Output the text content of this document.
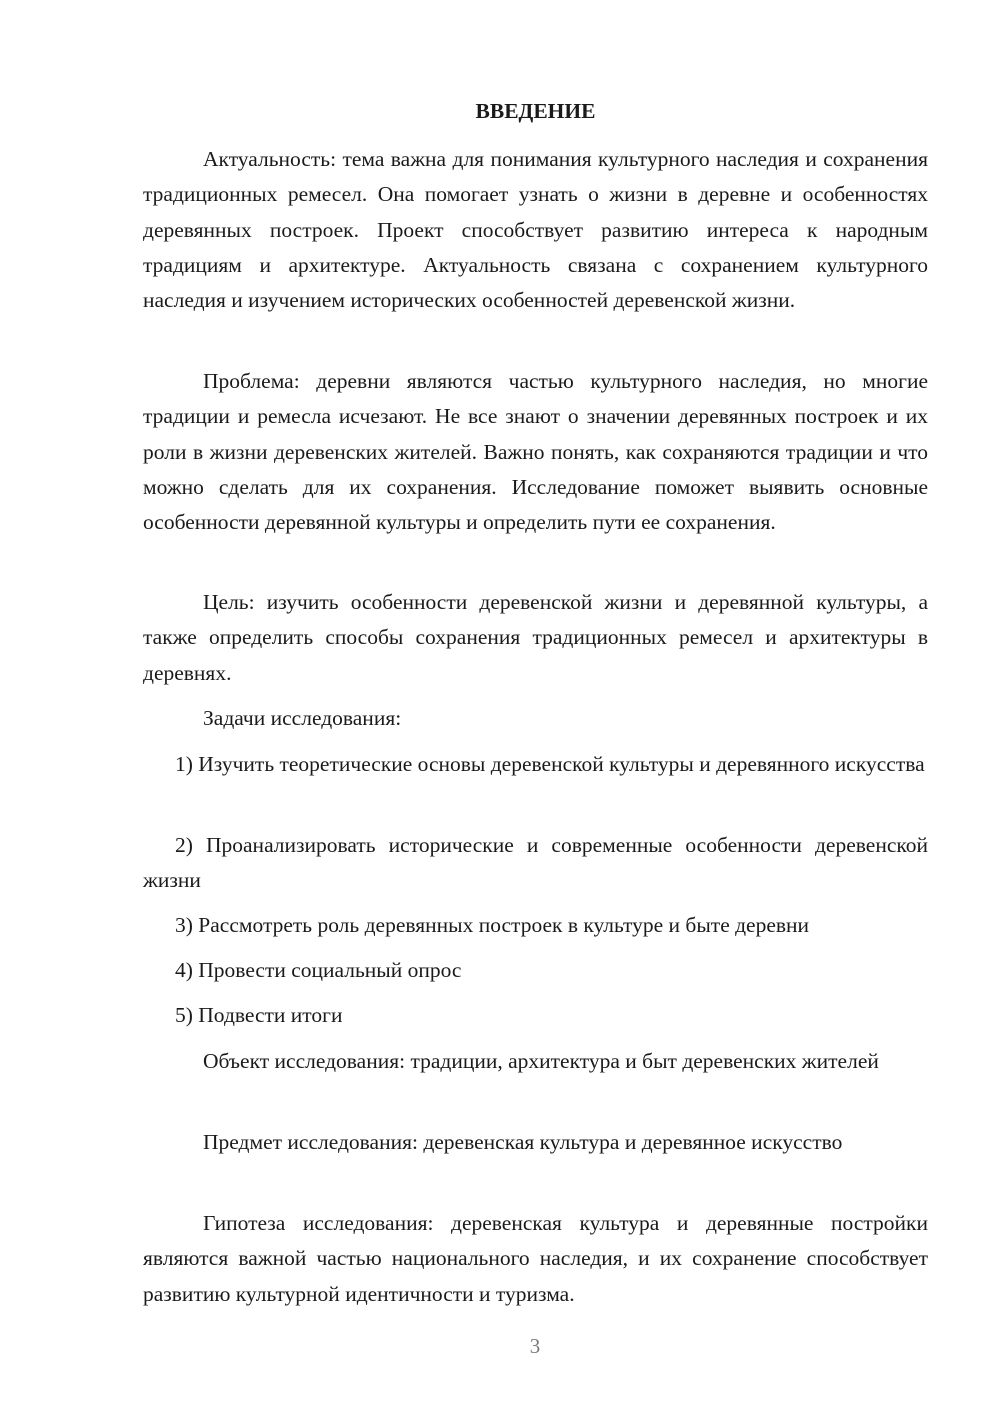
ВВЕДЕНИЕ

Актуальность: тема важна для понимания культурного наследия и сохранения традиционных ремесел. Она помогает узнать о жизни в деревне и особенностях деревянных построек. Проект способствует развитию интереса к народным традициям и архитектуре. Актуальность связана с сохранением культурного наследия и изучением исторических особенностей деревенской жизни.

Проблема: деревни являются частью культурного наследия, но многие традиции и ремесла исчезают. Не все знают о значении деревянных построек и их роли в жизни деревенских жителей. Важно понять, как сохраняются традиции и что можно сделать для их сохранения. Исследование поможет выявить основные особенности деревянной культуры и определить пути ее сохранения.

Цель: изучить особенности деревенской жизни и деревянной культуры, а также определить способы сохранения традиционных ремесел и архитектуры в деревнях.

Задачи исследования:

1) Изучить теоретические основы деревенской культуры и деревянного искусства

2) Проанализировать исторические и современные особенности деревенской жизни

3) Рассмотреть роль деревянных построек в культуре и быте деревни

4) Провести социальный опрос

5) Подвести итоги

Объект исследования: традиции, архитектура и быт деревенских жителей

Предмет исследования: деревенская культура и деревянное искусство

Гипотеза исследования: деревенская культура и деревянные постройки являются важной частью национального наследия, и их сохранение способствует развитию культурной идентичности и туризма.

3
